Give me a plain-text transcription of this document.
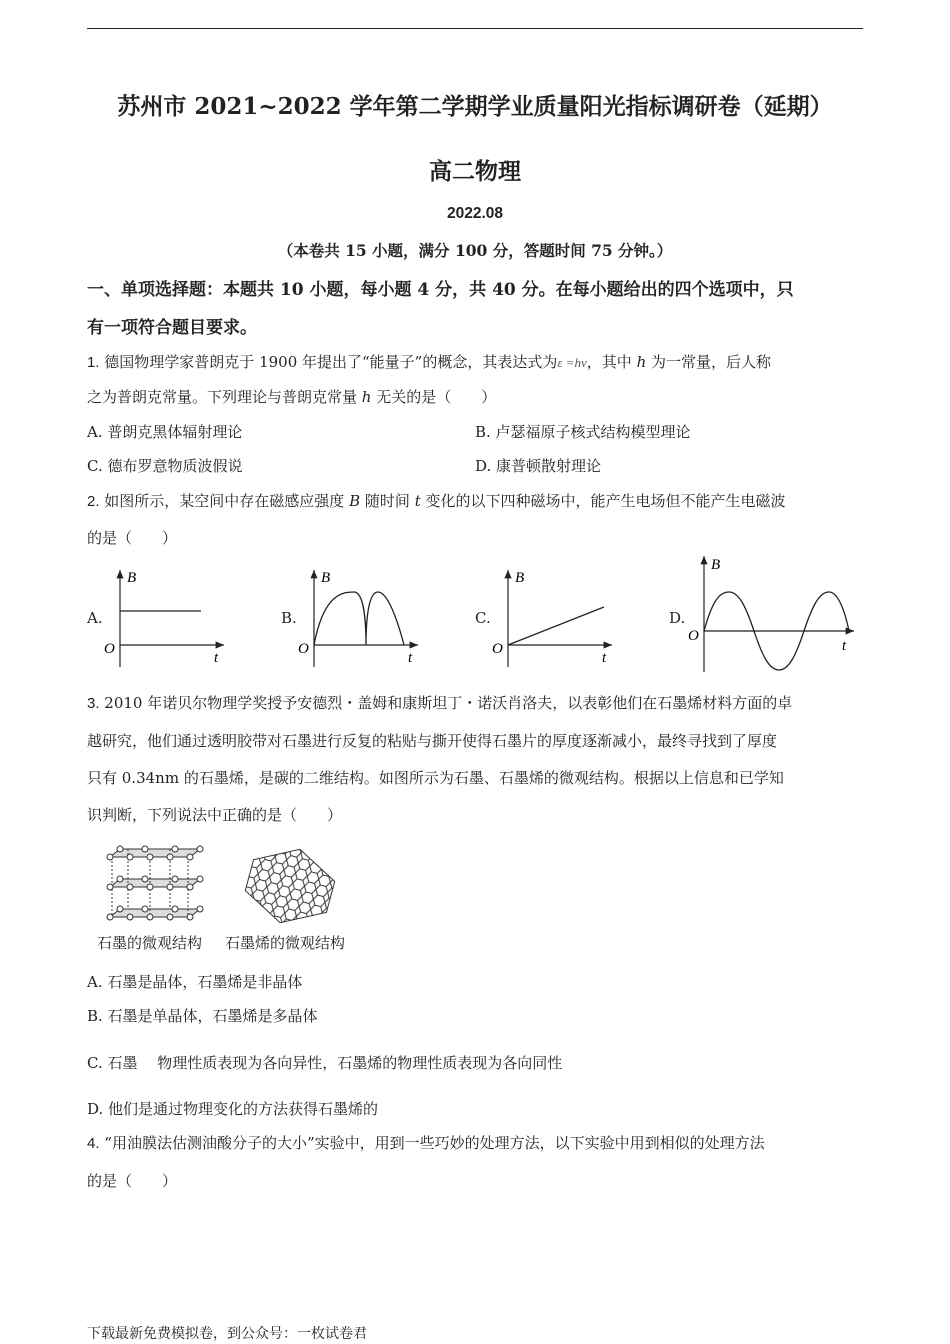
苏州市 2021~2022 学年第二学期学业质量阳光指标调研卷（延期）
高二物理
2022.08
（本卷共 15 小题，满分 100 分，答题时间 75 分钟。）
一、单项选择题：本题共 10 小题，每小题 4 分，共 40 分。在每小题给出的四个选项中，只
有一项符合题目要求。
1. 德国物理学家普朗克于 1900 年提出了“能量子”的概念，其表达式为ε =hν，其中 h 为一常量，后人称
之为普朗克常量。下列理论与普朗克常量 h 无关的是（　　）
A. 普朗克黑体辐射理论	B. 卢瑟福原子核式结构模型理论
C. 德布罗意物质波假说	D. 康普顿散射理论
2. 如图所示，某空间中存在磁感应强度 B 随时间 t 变化的以下四种磁场中，能产生电场但不能产生电磁波
的是（　　）
A.
B
O
t
B.
B
O
t
C.
B
O
t
D.
B
O
t
3. 2010 年诺贝尔物理学奖授予安德烈・盖姆和康斯坦丁・诺沃肖洛夫，以表彰他们在石墨烯材料方面的卓
越研究，他们通过透明胶带对石墨进行反复的粘贴与撕开使得石墨片的厚度逐渐减小，最终寻找到了厚度
只有 0.34nm 的石墨烯，是碳的二维结构。如图所示为石墨、石墨烯的微观结构。根据以上信息和已学知
识判断，下列说法中正确的是（　　）
石墨的微观结构 石墨烯的微观结构
A. 石墨是晶体，石墨烯是非晶体
B. 石墨是单晶体，石墨烯是多晶体
C. 石墨　 物理性质表现为各向异性，石墨烯的物理性质表现为各向同性
D. 他们是通过物理变化的方法获得石墨烯的
4. “用油膜法估测油酸分子的大小”实验中，用到一些巧妙的处理方法，以下实验中用到相似的处理方法
的是（　　）
下载最新免费模拟卷，到公众号：一枚试卷君
